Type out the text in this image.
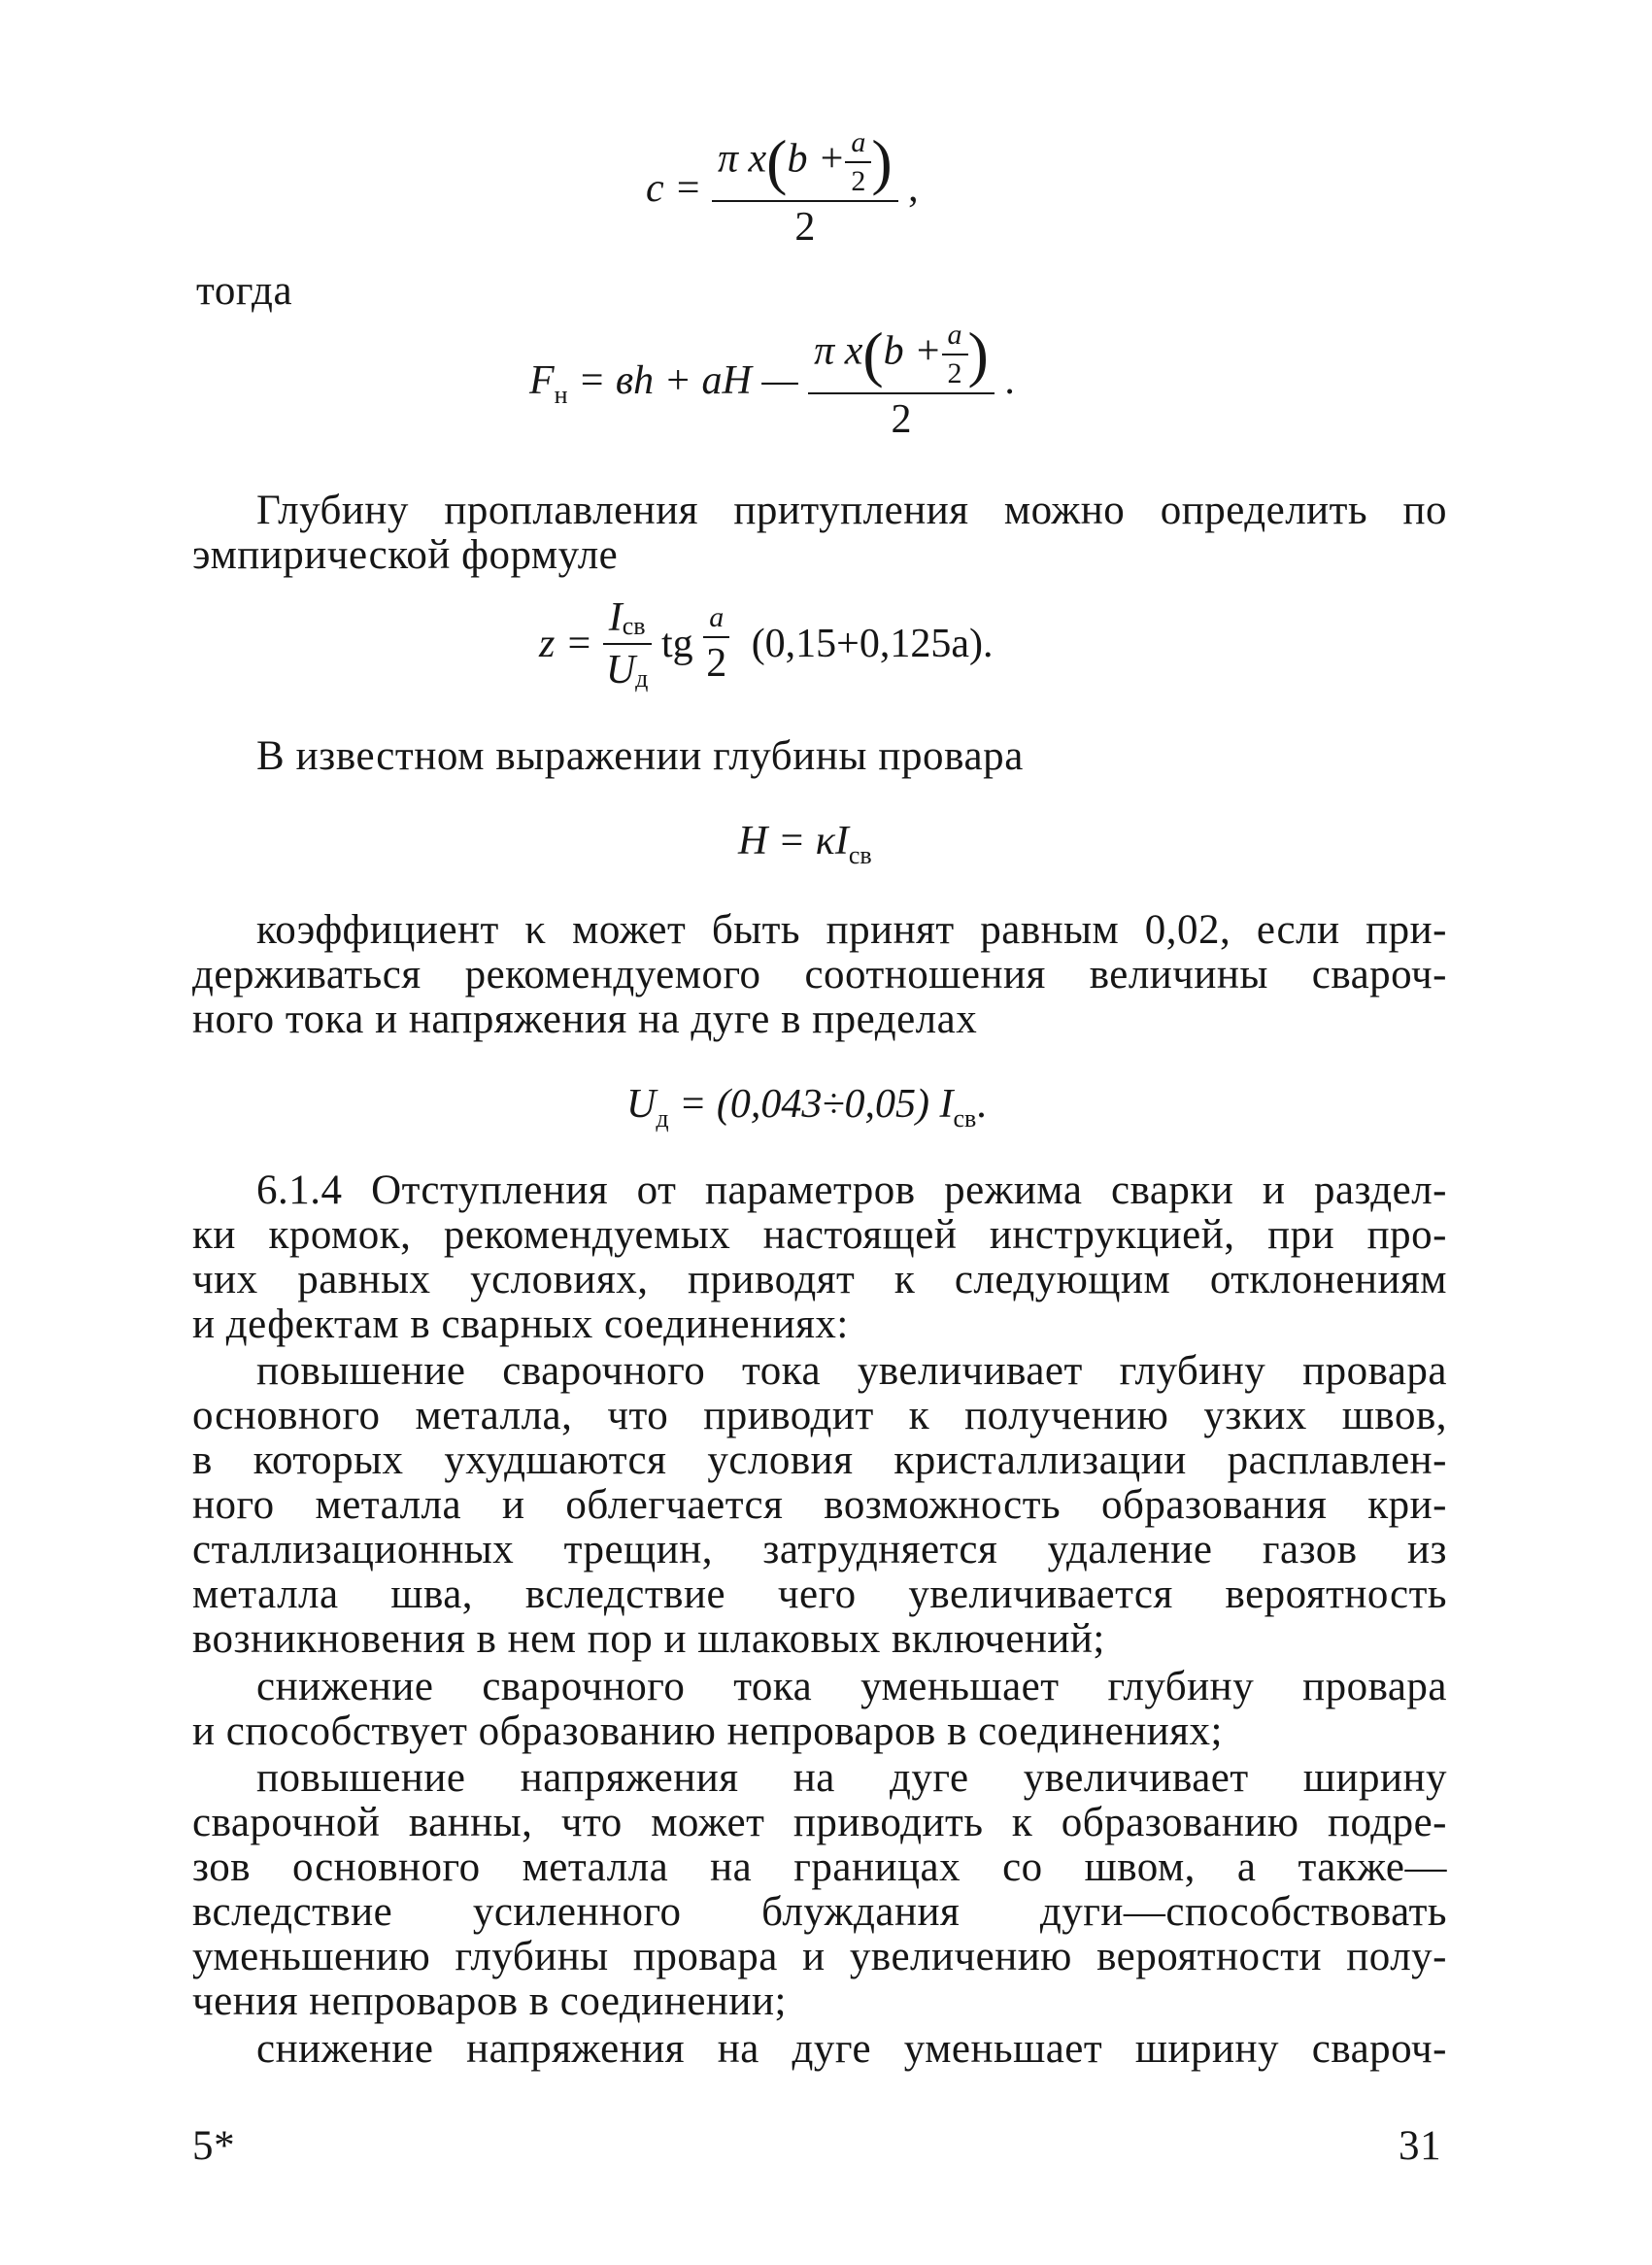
$c = \frac{\pi x(b + \frac{a}{2} )}{2}$ ,
тогда
$F_н$ = вh + aH — $\frac{\pi x(b + \frac{a}{2} )}{2}$ .
Глубину проплавления притупления можно определить по
эмпирической формуле
$z = \frac{\text{Iсв}}{Uд}$ tg $\frac{a}{2} (0,15+0,125a)$.
В известном выражении глубины провара
$H = \kappa I_{св}$
коэффициент κ может быть принят равным 0,02, если при-
держиваться рекомендуемого соотношения величины свароч-
ного тока и напряжения на дуге в пределах
$U_д = (0,043\div 0,05)$ $I_{св}$.
6.1.4 Отступления от параметров режима сварки и раздел-
ки кромок, рекомендуемых настоящей инструкцией, при про-
чих равных условиях, приводят к следующим отклонениям
и дефектам в сварных соединениях:
повышение сварочного тока увеличивает глубину провара
основного металла, что приводит к получению узких швов,
в которых ухудшаются условия кристаллизации расплавлен-
ного металла и облегчается возможность образования кри-
сталлизационных трещин, затрудняется удаление газов из
металла шва, вследствие чего увеличивается вероятность
возникновения в нем пор и шлаковых включений;
снижение сварочного тока уменьшает глубину провара
и способствует образованию непроваров в соединениях;
повышение напряжения на дуге увеличивает ширину
сварочной ванны, что может приводить к образованию подре-
зов основного металла на границах со швом, а также—
вследствие усиленного блуждания дуги—способствовать
уменьшению глубины провара и увеличению вероятности полу-
чения непроваров в соединении;
снижение напряжения на дуге уменьшает ширину свароч-
5*	31
